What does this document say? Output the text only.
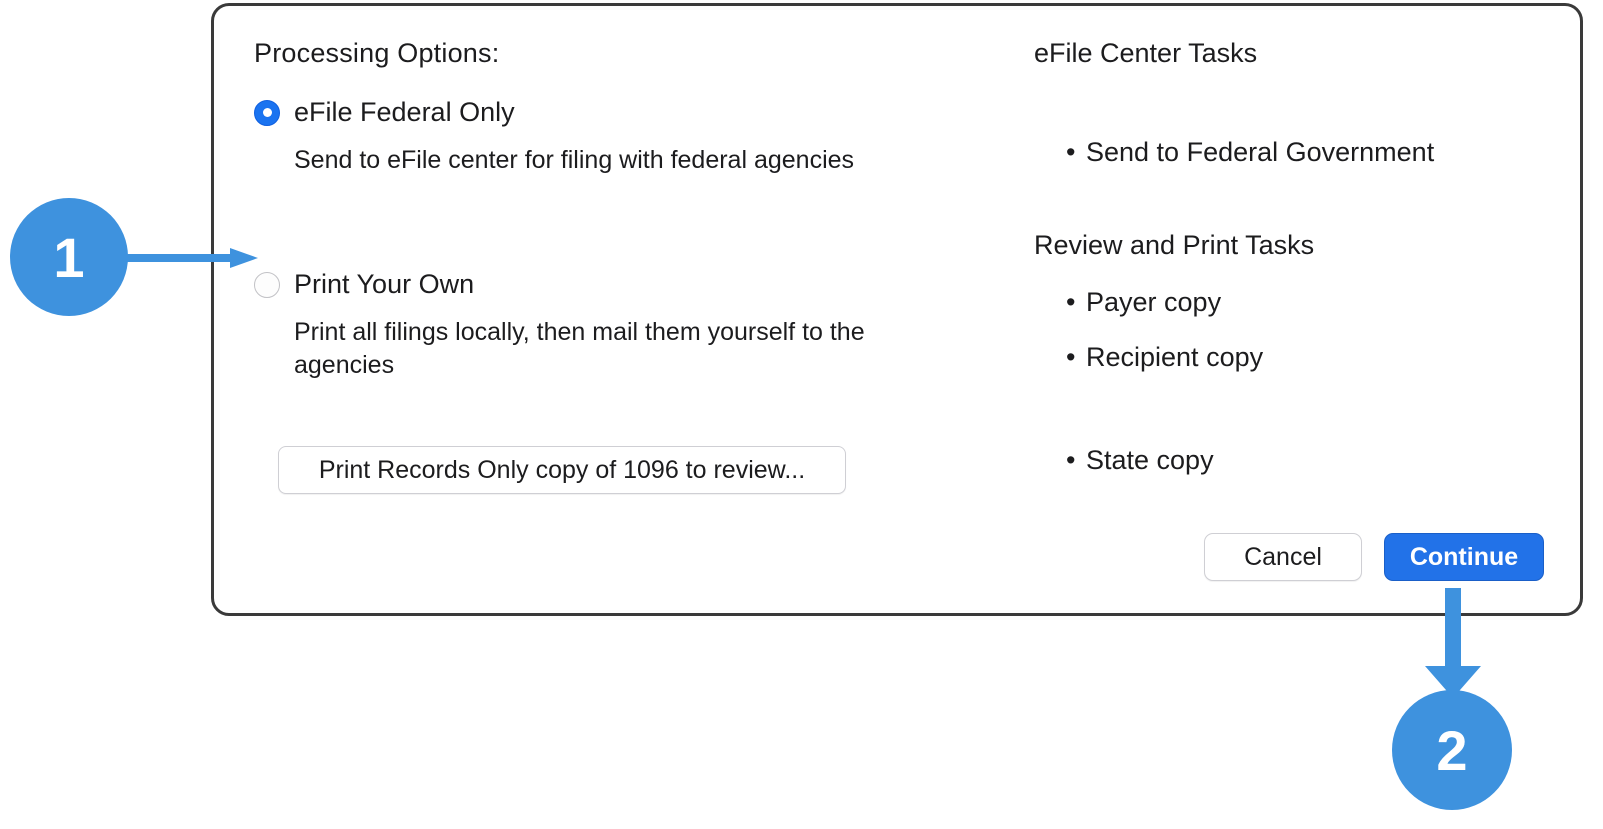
Processing Options:
eFile Federal Only
Send to eFile center for filing with federal agencies
Print Your Own
Print all filings locally, then mail them yourself to the agencies
Print Records Only copy of 1096 to review...
eFile Center Tasks
• Send to Federal Government
Review and Print Tasks
• Payer copy
• Recipient copy
• State copy
Cancel	Continue
1
2
